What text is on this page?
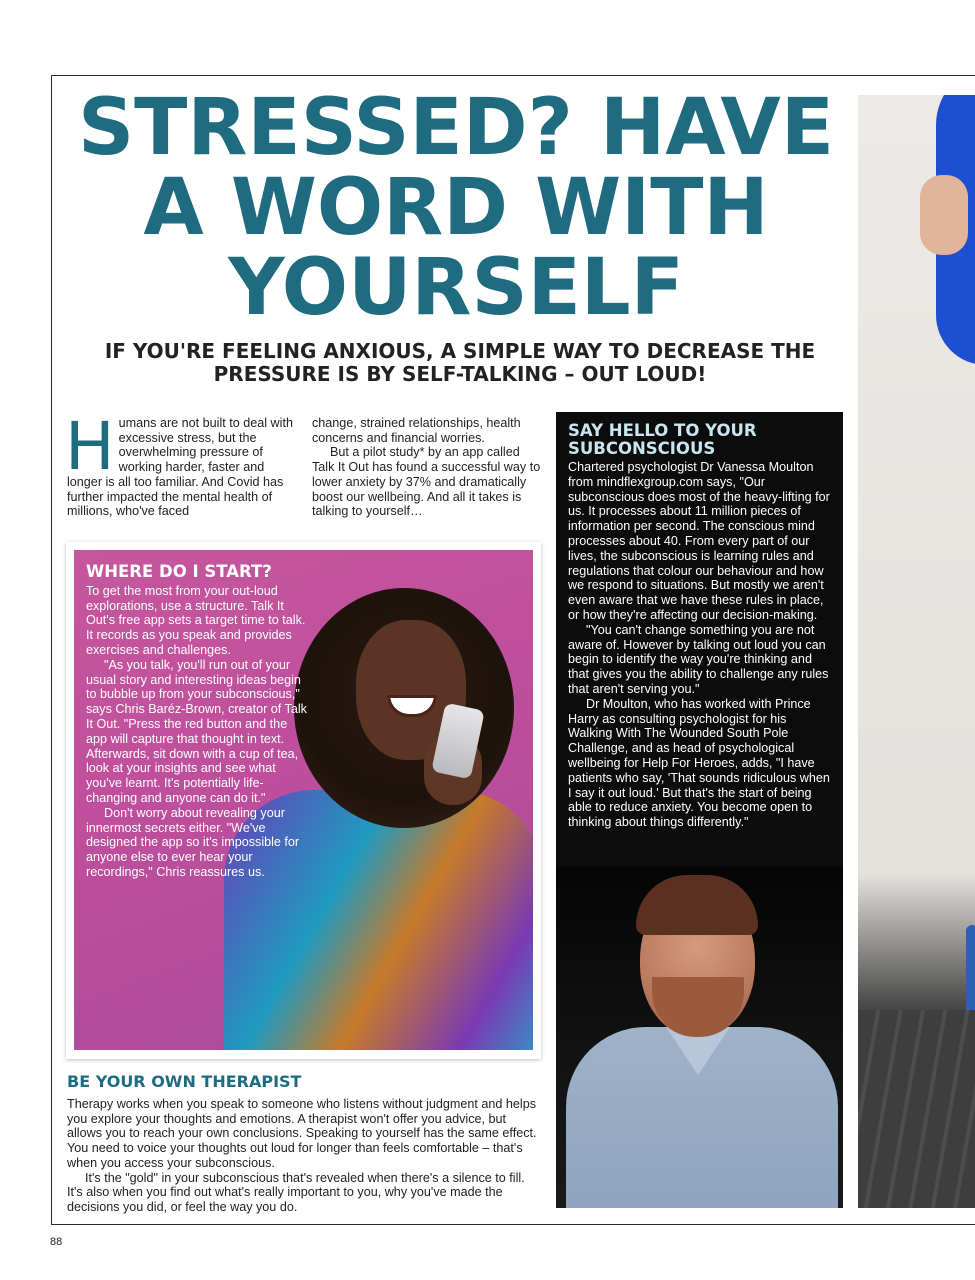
STRESSED? HAVE A WORD WITH YOURSELF
IF YOU'RE FEELING ANXIOUS, A SIMPLE WAY TO DECREASE THE PRESSURE IS BY SELF-TALKING – OUT LOUD!
H umans are not built to deal with excessive stress, but the overwhelming pressure of working harder, faster and longer is all too familiar. And Covid has further impacted the mental health of millions, who've faced

change, strained relationships, health concerns and financial worries.

But a pilot study* by an app called Talk It Out has found a successful way to lower anxiety by 37% and dramatically boost our wellbeing. And all it takes is talking to yourself…

WHERE DO I START?

To get the most from your out-loud explorations, use a structure. Talk It Out's free app sets a target time to talk. It records as you speak and provides exercises and challenges.

"As you talk, you'll run out of your usual story and interesting ideas begin to bubble up from your subconscious," says Chris Baréz-Brown, creator of Talk It Out. "Press the red button and the app will capture that thought in text. Afterwards, sit down with a cup of tea, look at your insights and see what you've learnt. It's potentially life-changing and anyone can do it."

Don't worry about revealing your innermost secrets either. "We've designed the app so it's impossible for anyone else to ever hear your recordings," Chris reassures us.

SAY HELLO TO YOUR SUBCONSCIOUS

Chartered psychologist Dr Vanessa Moulton from mindflexgroup.com says, "Our subconscious does most of the heavy-lifting for us. It processes about 11 million pieces of information per second. The conscious mind processes about 40. From every part of our lives, the subconscious is learning rules and regulations that colour our behaviour and how we respond to situations. But mostly we aren't even aware that we have these rules in place, or how they're affecting our decision-making.

"You can't change something you are not aware of. However by talking out loud you can begin to identify the way you're thinking and that gives you the ability to challenge any rules that aren't serving you."

Dr Moulton, who has worked with Prince Harry as consulting psychologist for his Walking With The Wounded South Pole Challenge, and as head of psychological wellbeing for Help For Heroes, adds, "I have patients who say, 'That sounds ridiculous when I say it out loud.' But that's the start of being able to reduce anxiety. You become open to thinking about things differently."

BE YOUR OWN THERAPIST

Therapy works when you speak to someone who listens without judgment and helps you explore your thoughts and emotions. A therapist won't offer you advice, but allows you to reach your own conclusions. Speaking to yourself has the same effect. You need to voice your thoughts out loud for longer than feels comfortable – that's when you access your subconscious.

It's the "gold" in your subconscious that's revealed when there's a silence to fill. It's also when you find out what's really important to you, why you've made the decisions you did, or feel the way you do.

88
